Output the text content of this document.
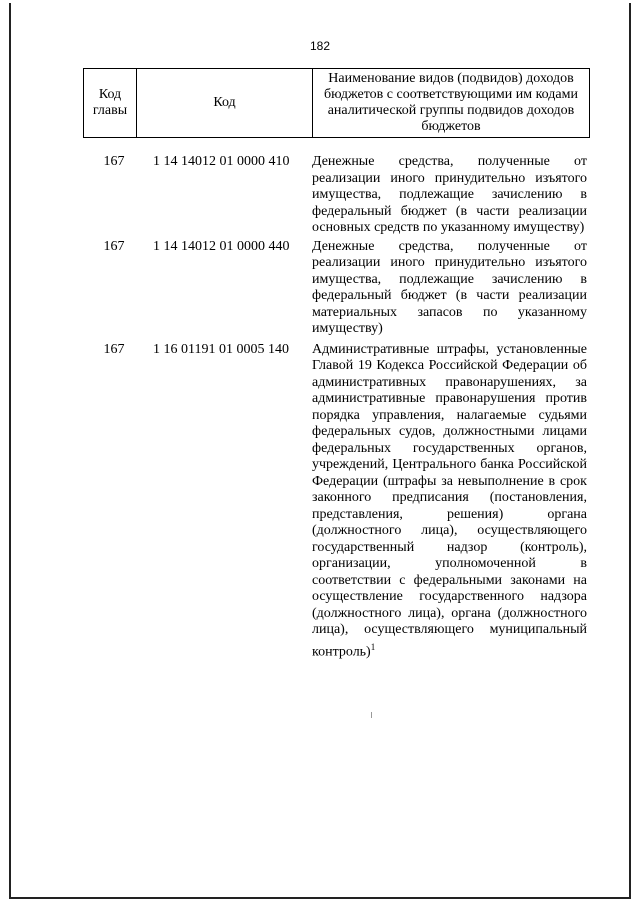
182
Код главы	Код	Наименование видов (подвидов) доходов бюджетов с соответствующими им кодами аналитической группы подвидов доходов бюджетов
167	1 14 14012 01 0000 410	Денежные средства, полученные от реализации иного принудительно изъятого имущества, подлежащие зачислению в федеральный бюджет (в части реализации основных средств по указанному имуществу)
167	1 14 14012 01 0000 440	Денежные средства, полученные от реализации иного принудительно изъятого имущества, подлежащие зачислению в федеральный бюджет (в части реализации материальных запасов по указанному имуществу)
167	1 16 01191 01 0005 140	Административные штрафы, установленные Главой 19 Кодекса Российской Федерации об административных правонарушениях, за административные правонарушения против порядка управления, налагаемые судьями федеральных судов, должностными лицами федеральных государственных органов, учреждений, Центрального банка Российской Федерации (штрафы за невыполнение в срок законного предписания (постановления, представления, решения) органа (должностного лица), осуществляющего государственный надзор (контроль), организации, уполномоченной в соответствии с федеральными законами на осуществление государственного надзора (должностного лица), органа (должностного лица), осуществляющего муниципальный контроль)$^1$
